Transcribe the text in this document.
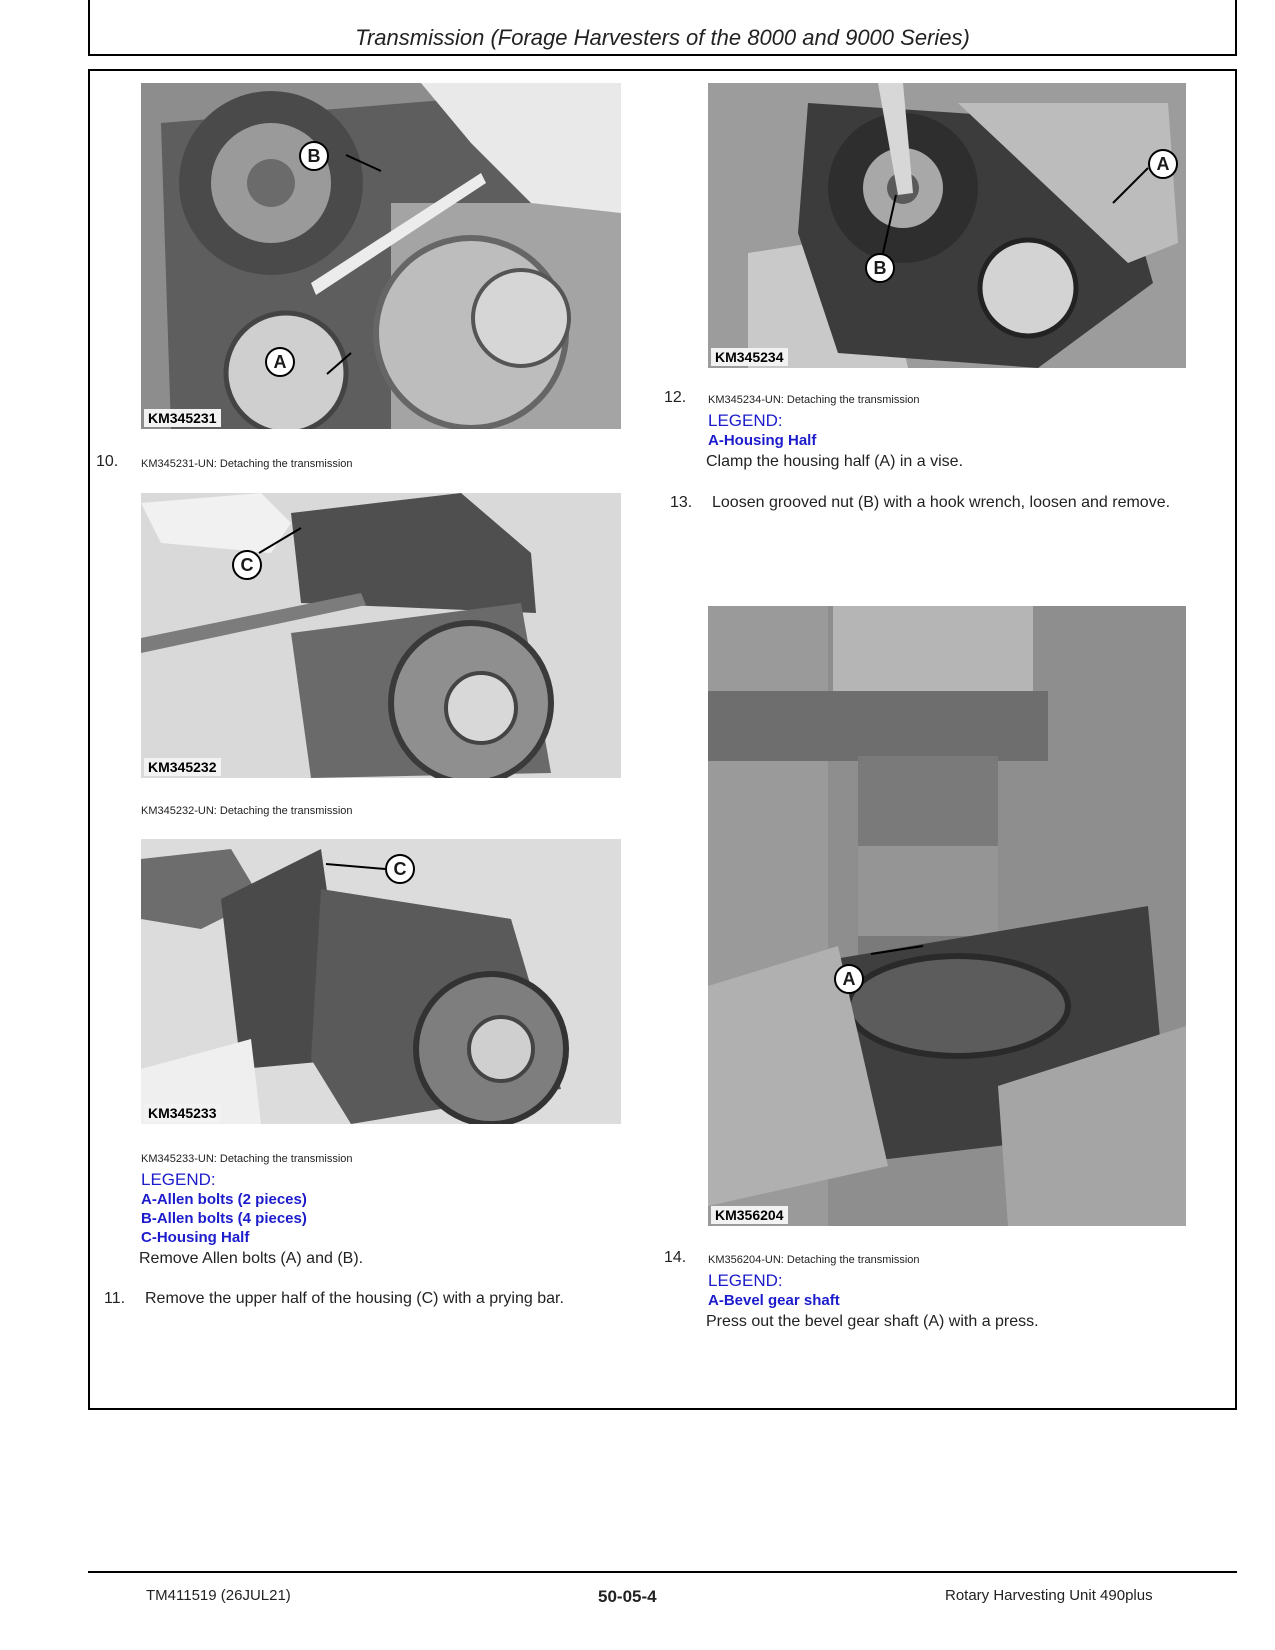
Transmission (Forage Harvesters of the 8000 and 9000 Series)
B
A
KM345231
10. KM345231-UN: Detaching the transmission
C
KM345232
KM345232-UN: Detaching the transmission
C
KM345233
KM345233-UN: Detaching the transmission
LEGEND:
A-Allen bolts (2 pieces)
B-Allen bolts (4 pieces)
C-Housing Half
Remove Allen bolts (A) and (B).
11. Remove the upper half of the housing (C) with a prying bar.
A
B
KM345234
12. KM345234-UN: Detaching the transmission
LEGEND:
A-Housing Half
Clamp the housing half (A) in a vise.
13. Loosen grooved nut (B) with a hook wrench, loosen and remove.
A
KM356204
14. KM356204-UN: Detaching the transmission
LEGEND:
A-Bevel gear shaft
Press out the bevel gear shaft (A) with a press.
TM411519 (26JUL21)	50-05-4	Rotary Harvesting Unit 490plus
